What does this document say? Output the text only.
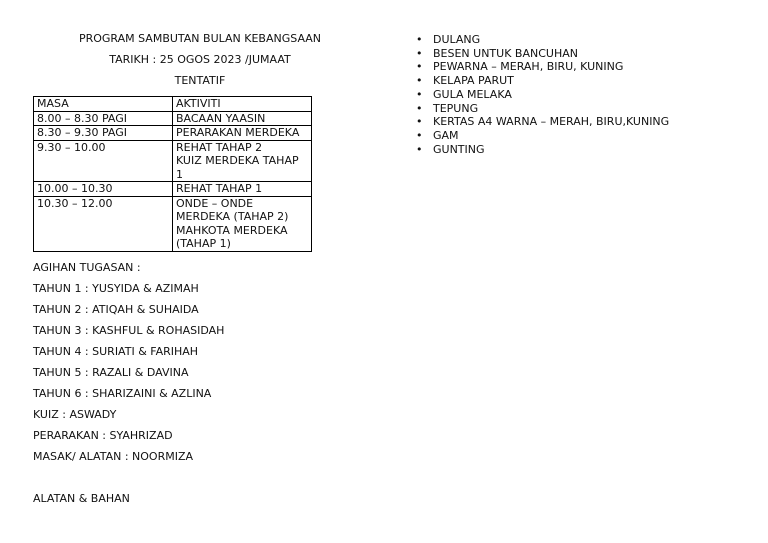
PROGRAM SAMBUTAN BULAN KEBANGSAAN
TARIKH : 25 OGOS 2023 /JUMAAT
TENTATIF
MASA	AKTIVITI
8.00 – 8.30 PAGI	BACAAN YAASIN

8.30 – 9.30 PAGI	PERARAKAN MERDEKA

9.30 – 10.00	REHAT TAHAP 2
KUIZ MERDEKA TAHAP 1

10.00 – 10.30	REHAT TAHAP 1

10.30 – 12.00	ONDE – ONDE MERDEKA (TAHAP 2)
MAHKOTA MERDEKA (TAHAP 1)
AGIHAN TUGASAN :
TAHUN 1 : YUSYIDA & AZIMAH
TAHUN 2 : ATIQAH & SUHAIDA
TAHUN 3 : KASHFUL & ROHASIDAH
TAHUN 4 : SURIATI & FARIHAH
TAHUN 5 : RAZALI & DAVINA
TAHUN 6 : SHARIZAINI & AZLINA
KUIZ : ASWADY
PERARAKAN : SYAHRIZAD
MASAK/ ALATAN : NOORMIZA
ALATAN & BAHAN
• DULANG
• BESEN UNTUK BANCUHAN
• PEWARNA – MERAH, BIRU, KUNING
• KELAPA PARUT
• GULA MELAKA
• TEPUNG
• KERTAS A4 WARNA – MERAH, BIRU,KUNING
• GAM
• GUNTING
